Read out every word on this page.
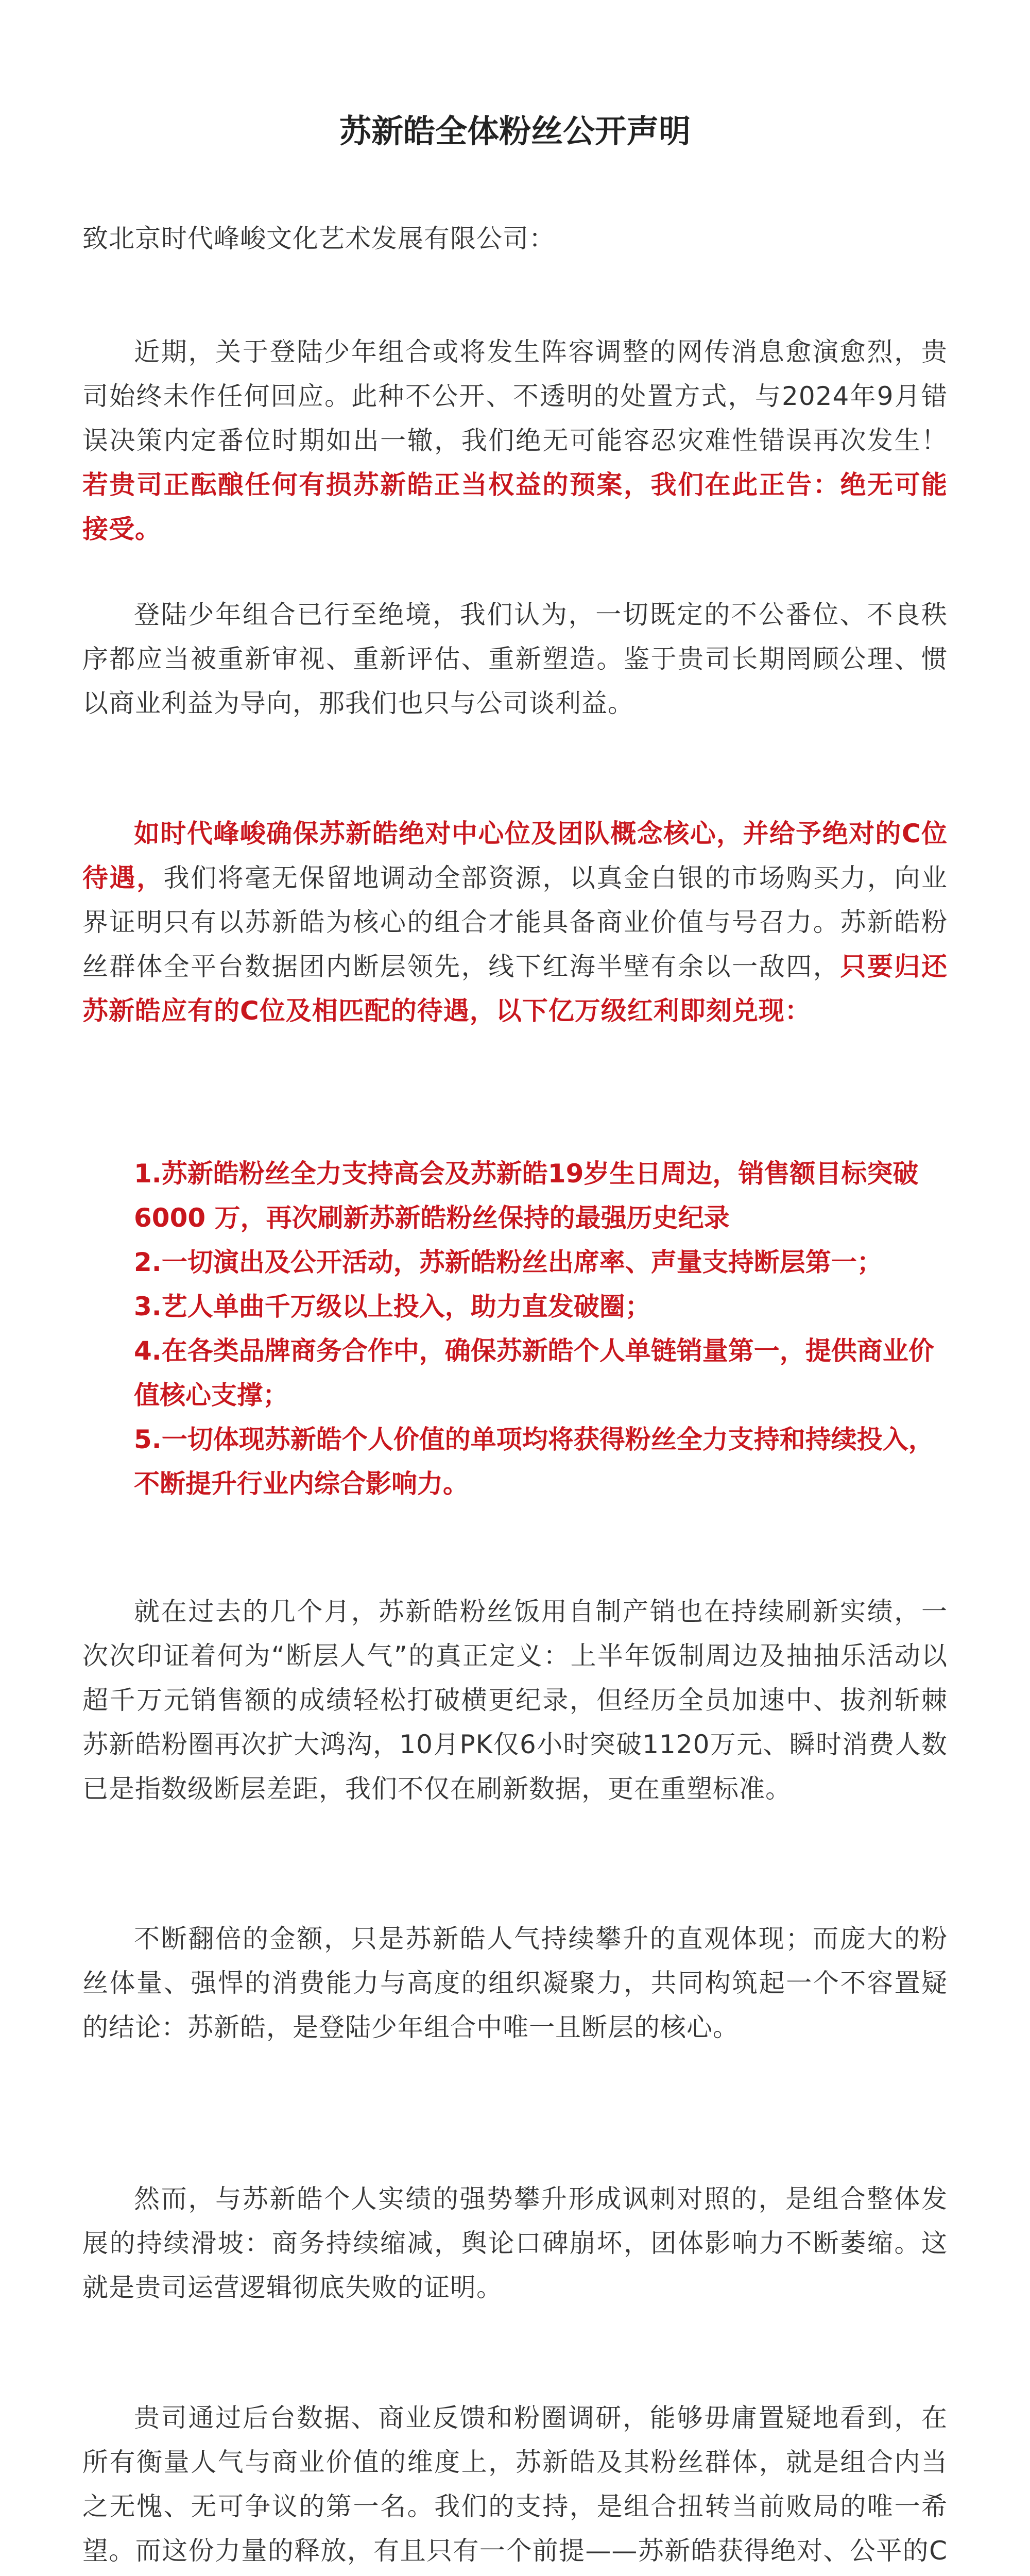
苏新皓全体粉丝公开声明

致北京时代峰峻文化艺术发展有限公司：

近期，关于登陆少年组合或将发生阵容调整的网传消息愈演愈烈，贵司始终未作任何回应。此种不公开、不透明的处置方式，与2024年9月错误决策内定番位时期如出一辙，我们绝无可能容忍灾难性错误再次发生！若贵司正酝酿任何有损苏新皓正当权益的预案，我们在此正告：绝无可能接受。

登陆少年组合已行至绝境，我们认为，一切既定的不公番位、不良秩序都应当被重新审视、重新评估、重新塑造。鉴于贵司长期罔顾公理、惯以商业利益为导向，那我们也只与公司谈利益。

如时代峰峻确保苏新皓绝对中心位及团队概念核心，并给予绝对的C位待遇，我们将毫无保留地调动全部资源，以真金白银的市场购买力，向业界证明只有以苏新皓为核心的组合才能具备商业价值与号召力。苏新皓粉丝群体全平台数据团内断层领先，线下红海半壁有余以一敌四，只要归还苏新皓应有的C位及相匹配的待遇，以下亿万级红利即刻兑现：

1.苏新皓粉丝全力支持高会及苏新皓19岁生日周边，销售额目标突破 6000 万，再次刷新苏新皓粉丝保持的最强历史纪录

2.一切演出及公开活动，苏新皓粉丝出席率、声量支持断层第一；

3.艺人单曲千万级以上投入，助力直发破圈；

4.在各类品牌商务合作中，确保苏新皓个人单链销量第一，提供商业价值核心支撑；

5.一切体现苏新皓个人价值的单项均将获得粉丝全力支持和持续投入，不断提升行业内综合影响力。

就在过去的几个月，苏新皓粉丝饭用自制产销也在持续刷新实绩，一次次印证着何为“断层人气”的真正定义：上半年饭制周边及抽抽乐活动以超千万元销售额的成绩轻松打破横更纪录，但经历全员加速中、拔剂斩棘苏新皓粉圈再次扩大鸿沟，10月PK仅6小时突破1120万元、瞬时消费人数已是指数级断层差距，我们不仅在刷新数据，更在重塑标准。

不断翻倍的金额，只是苏新皓人气持续攀升的直观体现；而庞大的粉丝体量、强悍的消费能力与高度的组织凝聚力，共同构筑起一个不容置疑的结论：苏新皓，是登陆少年组合中唯一且断层的核心。

然而，与苏新皓个人实绩的强势攀升形成讽刺对照的，是组合整体发展的持续滑坡：商务持续缩减，舆论口碑崩坏，团体影响力不断萎缩。这就是贵司运营逻辑彻底失败的证明。

贵司通过后台数据、商业反馈和粉圈调研，能够毋庸置疑地看到，在所有衡量人气与商业价值的维度上，苏新皓及其粉丝群体，就是组合内当之无愧、无可争议的第一名。我们的支持，是组合扭转当前败局的唯一希望。而这份力量的释放，有且只有一个前提——苏新皓获得绝对、公平的C
